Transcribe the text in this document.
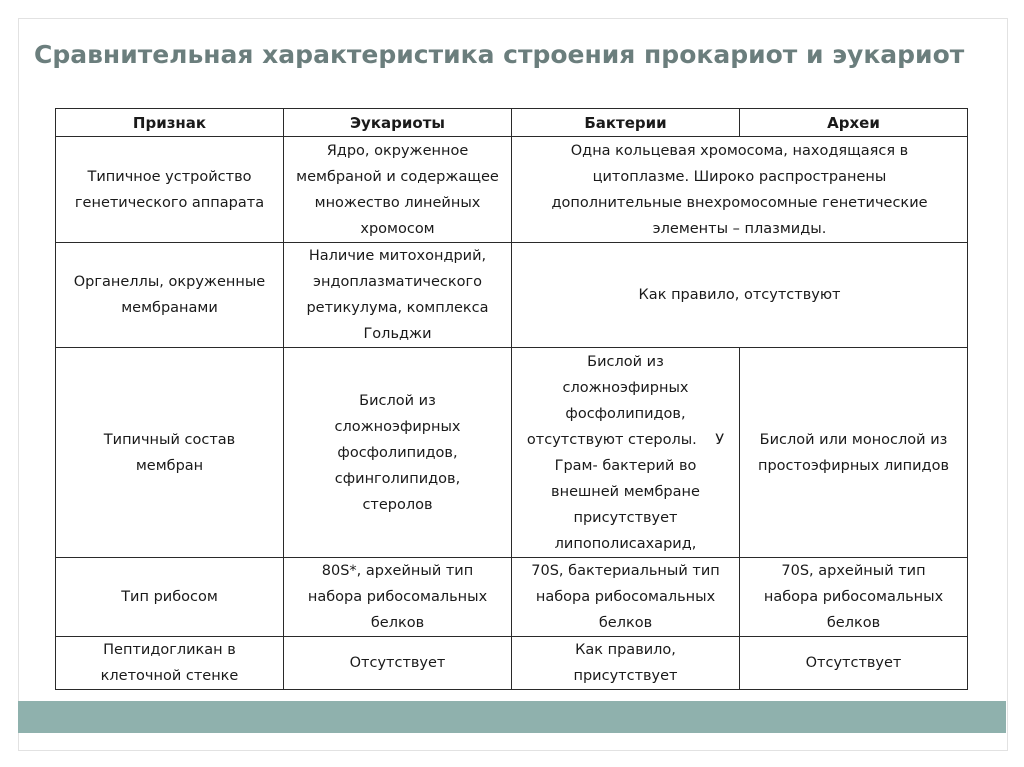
Сравнительная характеристика строения прокариот и эукариот
Признак	Эукариоты	Бактерии	Археи
Типичное устройство генетического аппарата	Ядро, окруженное мембраной и содержащее множество линейных хромосом	Одна кольцевая хромосома, находящаяся в цитоплазме. Широко распространены дополнительные внехромосомные генетические элементы – плазмиды.	
Органеллы, окруженные мембранами	Наличие митохондрий, эндоплазматического ретикулума, комплекса Гольджи	Как правило, отсутствуют	
Типичный состав мембран	Бислой из сложноэфирных фосфолипидов, сфинголипидов, стеролов	Бислой из сложноэфирных фосфолипидов, отсутствуют стеролы.    У Грам- бактерий во внешней мембране присутствует липополисахарид,	Бислой или монослой из простоэфирных липидов
Тип рибосом	80S*, архейный тип набора рибосомальных белков	70S, бактериальный тип набора рибосомальных белков	70S, архейный тип набора рибосомальных белков
Пептидогликан в клеточной стенке	Отсутствует	Как правило, присутствует	Отсутствует
